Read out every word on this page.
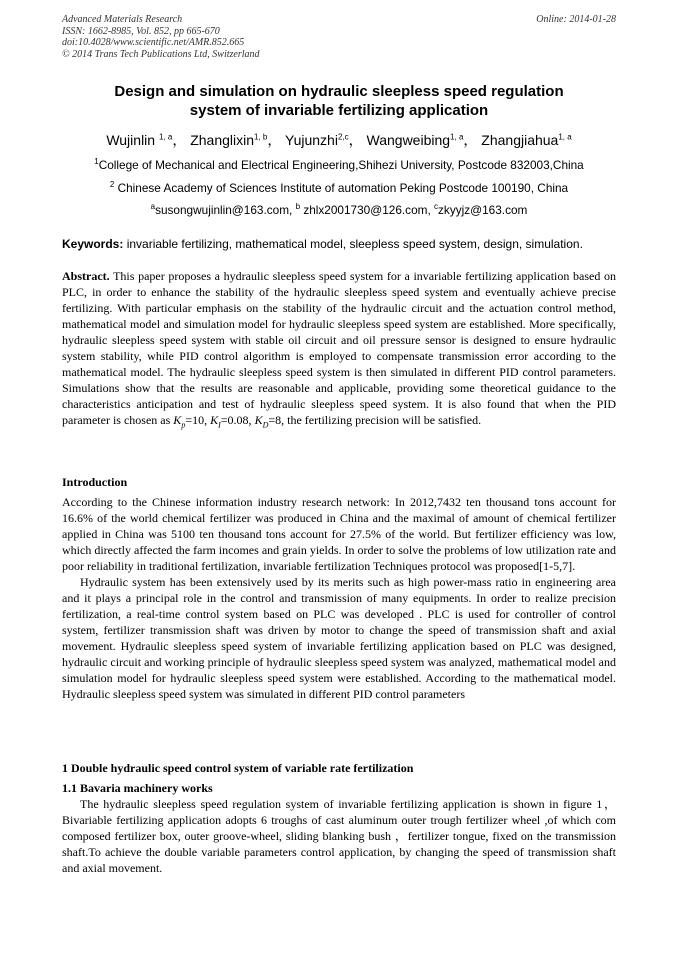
Advanced Materials Research
ISSN: 1662-8985, Vol. 852, pp 665-670
doi:10.4028/www.scientific.net/AMR.852.665
© 2014 Trans Tech Publications Ltd, Switzerland
Online: 2014-01-28
Design and simulation on hydraulic sleepless speed regulation
system of invariable fertilizing application
Wujinlin $^{1, a}$， Zhanglixin$^{1, b}$， Yujunzhi$^{2,c}$， Wangweibing$^{1, a}$， Zhangjiahua$^{1, a}$
$^1$College of Mechanical and Electrical Engineering,Shihezi University, Postcode 832003,China
$^2$ Chinese Academy of Sciences Institute of automation Peking Postcode 100190, China
$^a$susongwujinlin@163.com, $^b$ zhlx2001730@126.com, $^c$zkyyjz@163.com
Keywords: invariable fertilizing, mathematical model, sleepless speed system, design, simulation.

Abstract. This paper proposes a hydraulic sleepless speed system for a invariable fertilizing application based on PLC, in order to enhance the stability of the hydraulic sleepless speed system and eventually achieve precise fertilizing. With particular emphasis on the stability of the hydraulic circuit and the actuation control method, mathematical model and simulation model for hydraulic sleepless speed system are established. More specifically, hydraulic sleepless speed system with stable oil circuit and oil pressure sensor is designed to ensure hydraulic system stability, while PID control algorithm is employed to compensate transmission error according to the mathematical model. The hydraulic sleepless speed system is then simulated in different PID control parameters. Simulations show that the results are reasonable and applicable, providing some theoretical guidance to the characteristics anticipation and test of hydraulic sleepless speed system. It is also found that when the PID parameter is chosen as $K_p=10$, $K_I=0.08$, $K_D=8$, the fertilizing precision will be satisfied.

Introduction

According to the Chinese information industry research network: In 2012,7432 ten thousand tons account for 16.6% of the world chemical fertilizer was produced in China and the maximal of amount of chemical fertilizer applied in China was 5100 ten thousand tons account for 27.5% of the world. But fertilizer efficiency was low, which directly affected the farm incomes and grain yields. In order to solve the problems of low utilization rate and poor reliability in traditional fertilization, invariable fertilization Techniques protocol was proposed[1-5,7].

Hydraulic system has been extensively used by its merits such as high power-mass ratio in engineering area and it plays a principal role in the control and transmission of many equipments. In order to realize precision fertilization, a real-time control system based on PLC was developed . PLC is used for controller of control system, fertilizer transmission shaft was driven by motor to change the speed of transmission shaft and axial movement. Hydraulic sleepless speed system of invariable fertilizing application based on PLC was designed, hydraulic circuit and working principle of hydraulic sleepless speed system was analyzed, mathematical model and simulation model for hydraulic sleepless speed system were established. According to the mathematical model. Hydraulic sleepless speed system was simulated in different PID control parameters

1 Double hydraulic speed control system of variable rate fertilization
1.1 Bavaria machinery works

The hydraulic sleepless speed regulation system of invariable fertilizing application is shown in figure 1，Bivariable fertilizing application adopts 6 troughs of cast aluminum outer trough fertilizer wheel ,of which com composed fertilizer box, outer groove-wheel, sliding blanking bush ，fertilizer tongue, fixed on the transmission shaft.To achieve the double variable parameters control application, by changing the speed of transmission shaft and axial movement.
